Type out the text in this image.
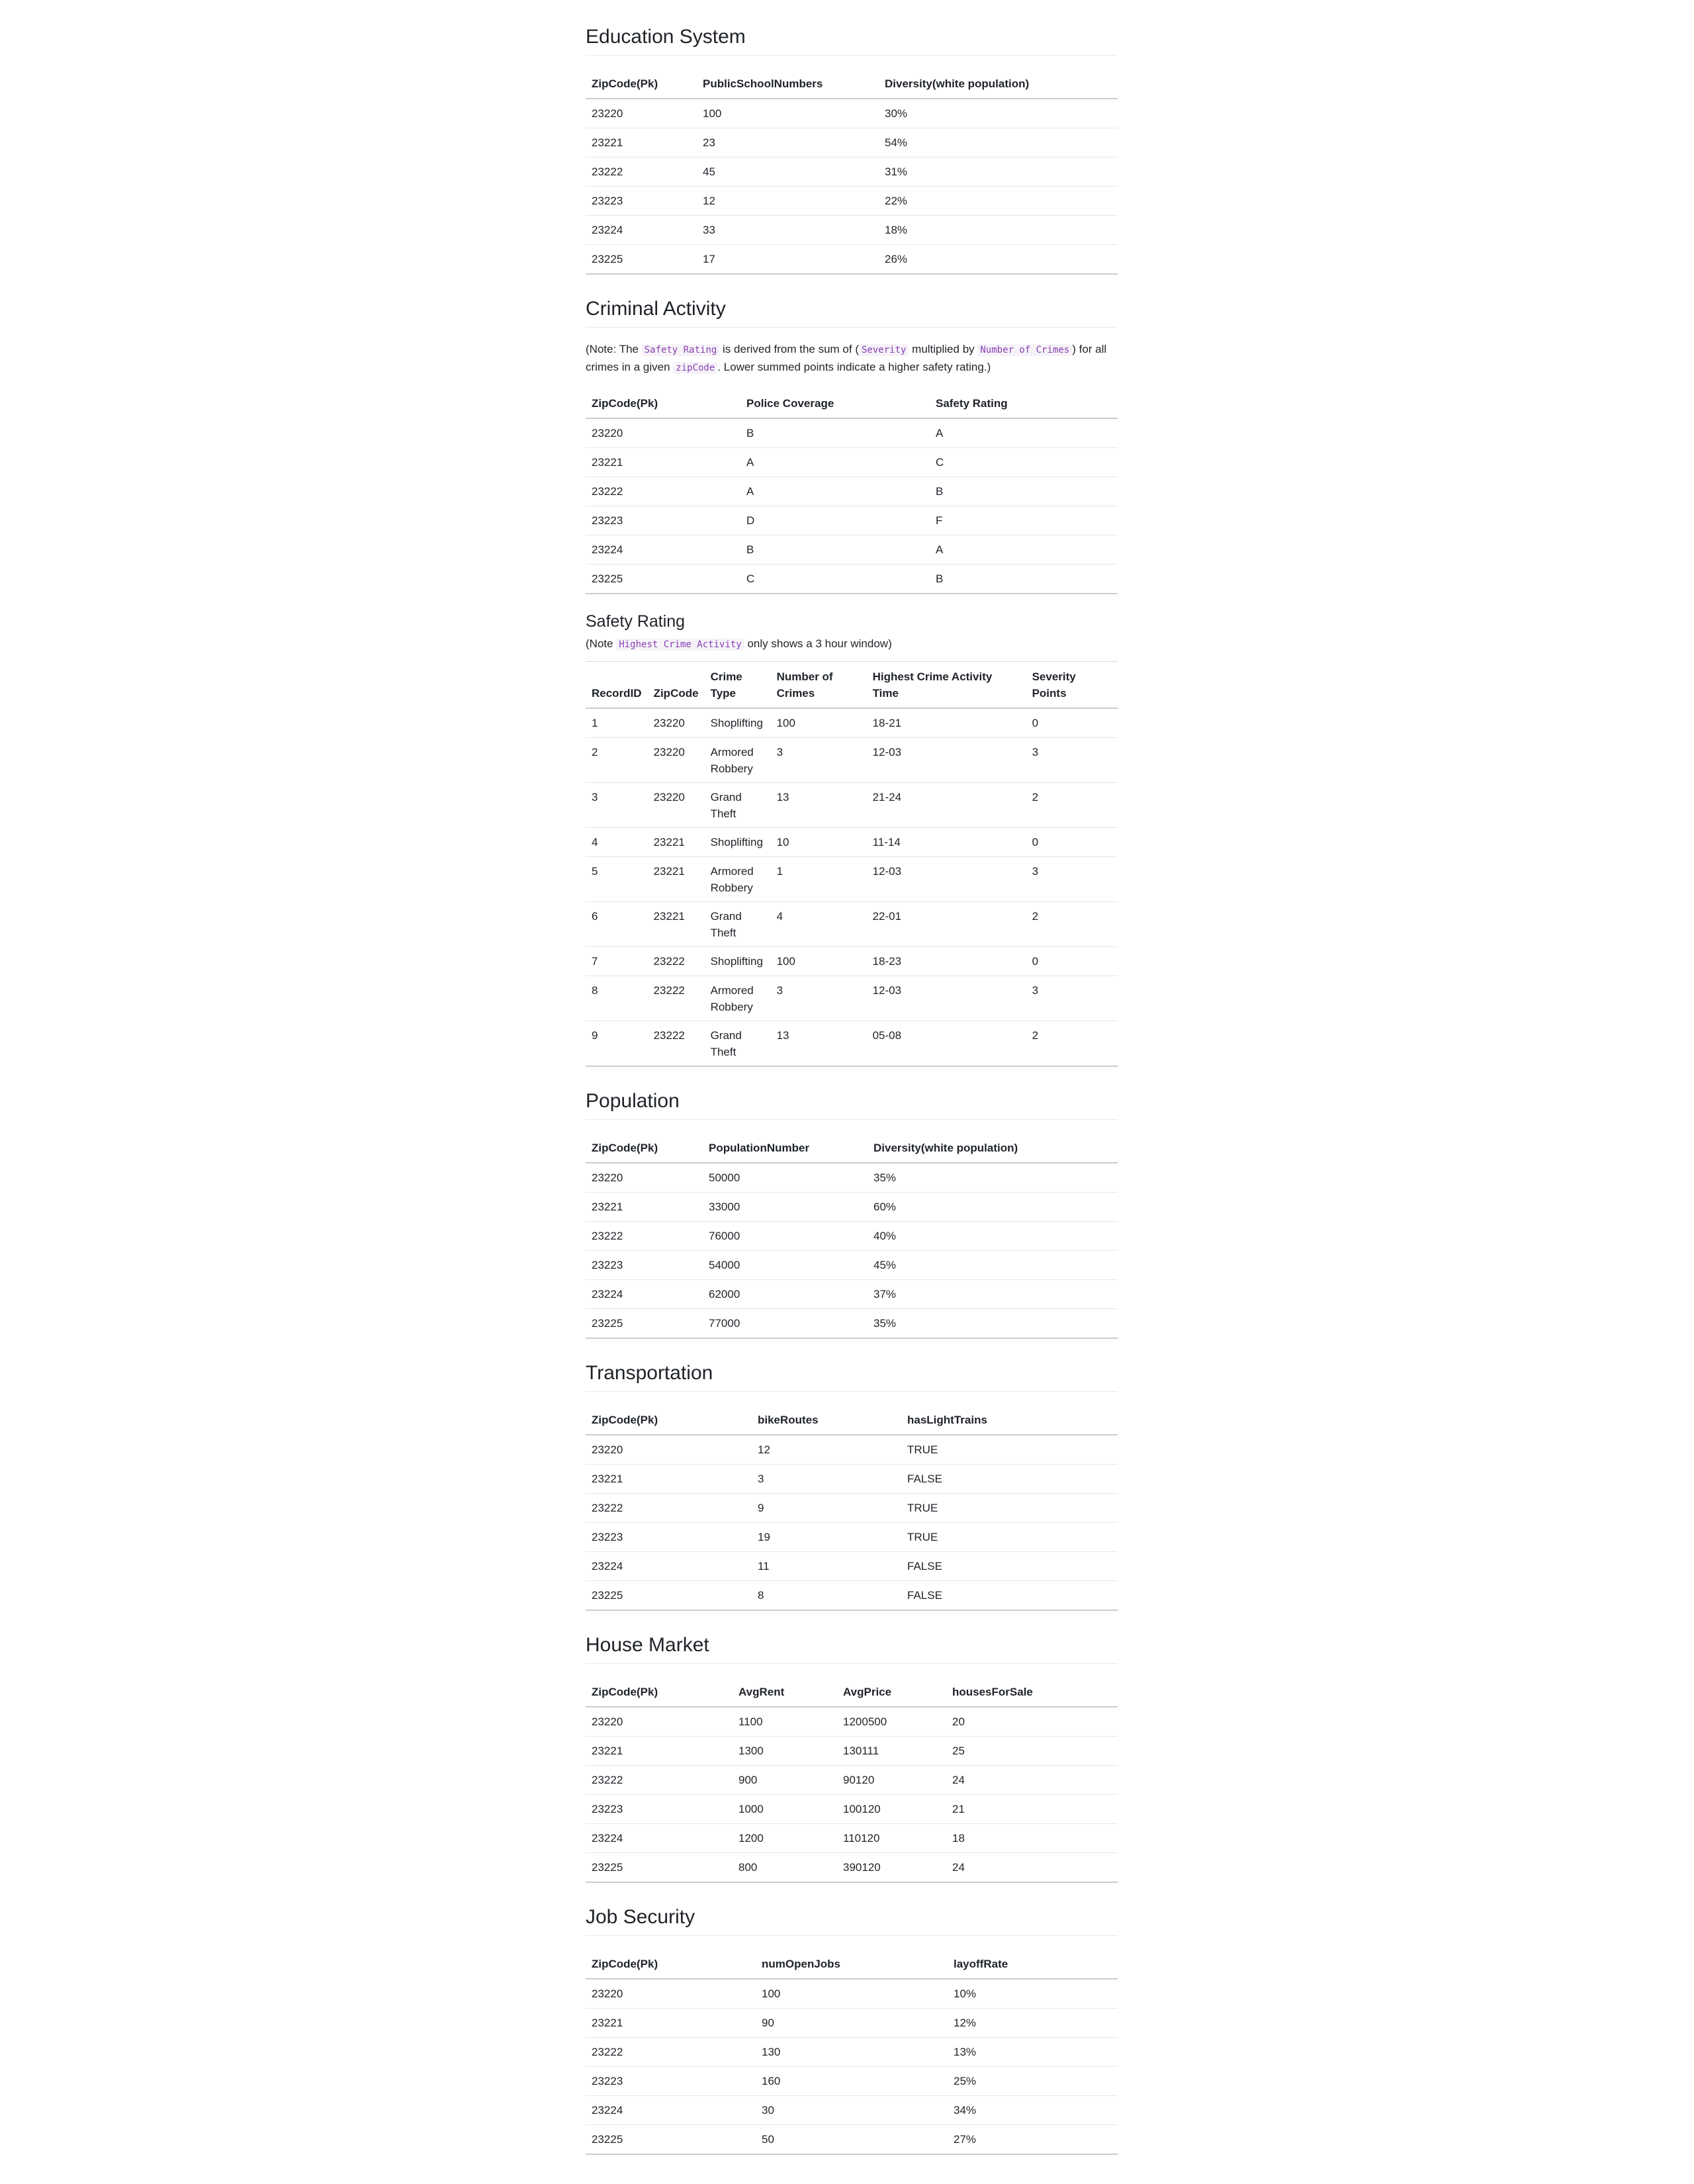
Education System
ZipCode(Pk)	PublicSchoolNumbers	Diversity(white population)
23220	100	30%
23221	23	54%
23222	45	31%
23223	12	22%
23224	33	18%
23225	17	26%
Criminal Activity

(Note: The Safety Rating is derived from the sum of ( Severity multiplied by Number of Crimes ) for all crimes in a given zipCode . Lower summed points indicate a higher safety rating.)

ZipCode(Pk)	Police Coverage	Safety Rating
23220	B	A
23221	A	C
23222	A	B
23223	D	F
23224	B	A
23225	C	B
Safety Rating

(Note Highest Crime Activity only shows a 3 hour window)

RecordID	ZipCode	Crime Type	Number of Crimes	Highest Crime Activity Time	Severity Points
1	23220	Shoplifting	100	18-21	0
2	23220	Armored Robbery	3	12-03	3
3	23220	Grand Theft	13	21-24	2
4	23221	Shoplifting	10	11-14	0
5	23221	Armored Robbery	1	12-03	3
6	23221	Grand Theft	4	22-01	2
7	23222	Shoplifting	100	18-23	0
8	23222	Armored Robbery	3	12-03	3
9	23222	Grand Theft	13	05-08	2
Population
ZipCode(Pk)	PopulationNumber	Diversity(white population)
23220	50000	35%
23221	33000	60%
23222	76000	40%
23223	54000	45%
23224	62000	37%
23225	77000	35%
Transportation
ZipCode(Pk)	bikeRoutes	hasLightTrains
23220	12	TRUE
23221	3	FALSE
23222	9	TRUE
23223	19	TRUE
23224	11	FALSE
23225	8	FALSE
House Market
ZipCode(Pk)	AvgRent	AvgPrice	housesForSale
23220	1100	1200500	20
23221	1300	130111	25
23222	900	90120	24
23223	1000	100120	21
23224	1200	110120	18
23225	800	390120	24
Job Security
ZipCode(Pk)	numOpenJobs	layoffRate
23220	100	10%
23221	90	12%
23222	130	13%
23223	160	25%
23224	30	34%
23225	50	27%
